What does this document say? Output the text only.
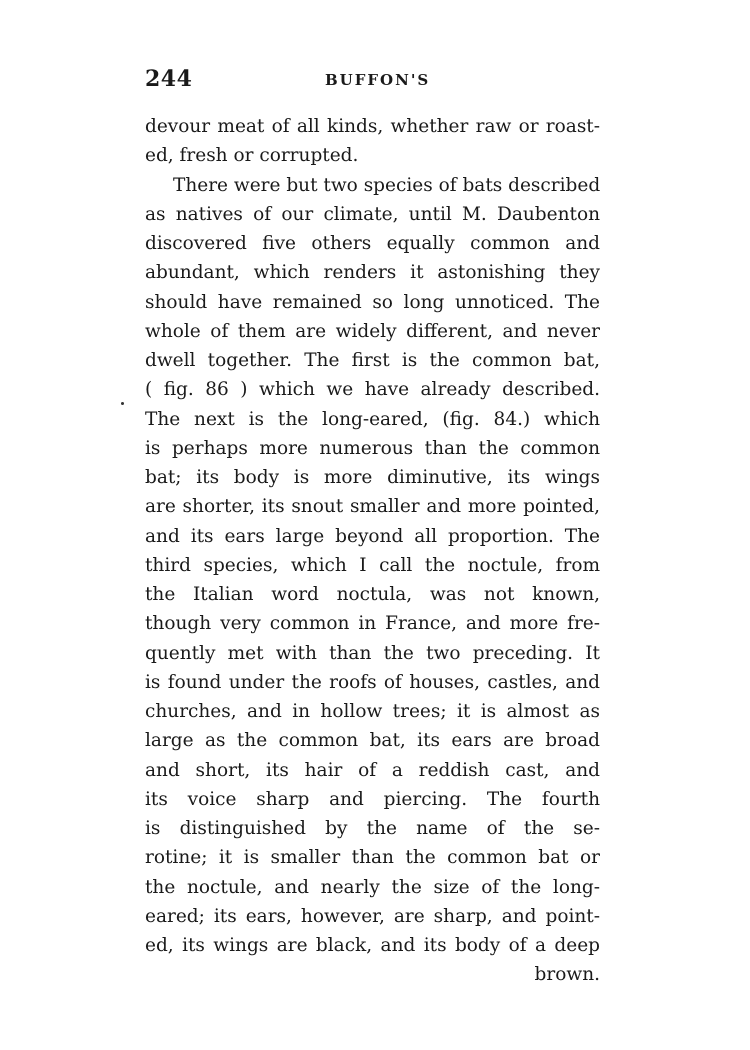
244	BUFFON'S
devour meat of all kinds, whether raw or roast-
ed, fresh or corrupted.
There were but two species of bats described
as natives of our climate, until M. Daubenton
discovered five others equally common and
abundant, which renders it astonishing they
should have remained so long unnoticed. The
whole of them are widely different, and never
dwell together. The first is the common bat,
( fig. 86 ) which we have already described.
The next is the long-eared, (fig. 84.) which
is perhaps more numerous than the common
bat; its body is more diminutive, its wings
are shorter, its snout smaller and more pointed,
and its ears large beyond all proportion. The
third species, which I call the noctule, from
the Italian word noctula, was not known,
though very common in France, and more fre-
quently met with than the two preceding. It
is found under the roofs of houses, castles, and
churches, and in hollow trees; it is almost as
large as the common bat, its ears are broad
and short, its hair of a reddish cast, and
its voice sharp and piercing. The fourth
is distinguished by the name of the se-
rotine; it is smaller than the common bat or
the noctule, and nearly the size of the long-
eared; its ears, however, are sharp, and point-
ed, its wings are black, and its body of a deep
brown.
